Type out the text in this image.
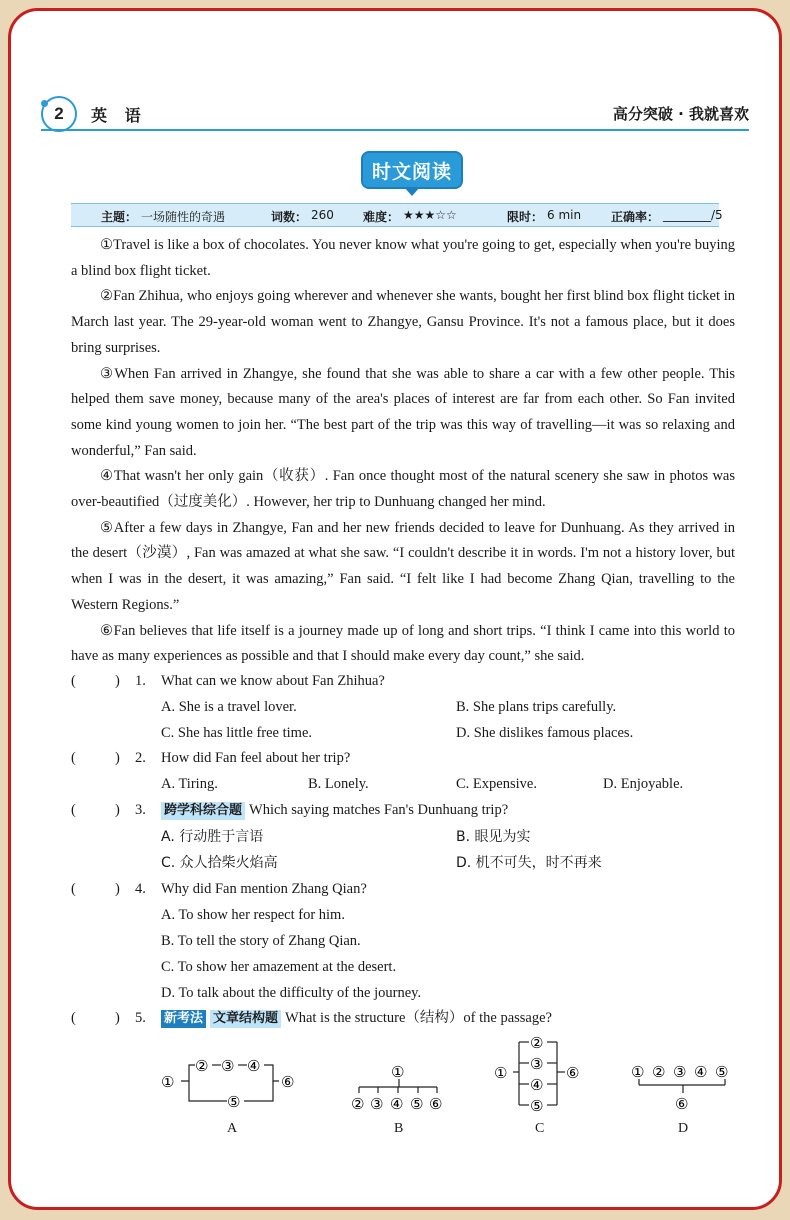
2 英 语	高分突破 · 我就喜欢
时文阅读
主题： 一场随性的奇遇	词数： 260 难度： ★★★☆☆	限时： 6 min 正确率： ________/5

①Travel is like a box of chocolates. You never know what you're going to get, especially when you're buying a blind box flight ticket.

②Fan Zhihua, who enjoys going wherever and whenever she wants, bought her first blind box flight ticket in March last year. The 29-year-old woman went to Zhangye, Gansu Province. It's not a famous place, but it does bring surprises.

③When Fan arrived in Zhangye, she found that she was able to share a car with a few other people. This helped them save money, because many of the area's places of interest are far from each other. So Fan invited some kind young women to join her. “The best part of the trip was this way of travelling—it was so relaxing and wonderful,” Fan said.

④That wasn't her only gain（收获）. Fan once thought most of the natural scenery she saw in photos was over-beautified（过度美化）. However, her trip to Dunhuang changed her mind.

⑤After a few days in Zhangye, Fan and her new friends decided to leave for Dunhuang. As they arrived in the desert（沙漠）, Fan was amazed at what she saw. “I couldn't describe it in words. I'm not a history lover, but when I was in the desert, it was amazing,” Fan said. “I felt like I had become Zhang Qian, travelling to the Western Regions.”

⑥Fan believes that life itself is a journey made up of long and short trips. “I think I came into this world to have as many experiences as possible and that I should make every day count,” she said.

(	) 1. What can we know about Fan Zhihua?
A. She is a travel lover.	B. She plans trips carefully.
C. She has little free time.	D. She dislikes famous places.
(	) 2. How did Fan feel about her trip?
A. Tiring.	B. Lonely.	C. Expensive.	D. Enjoyable.
(	) 3. 跨学科综合题 Which saying matches Fan's Dunhuang trip?
A. 行动胜于言语	B. 眼见为实
C. 众人拾柴火焰高	D. 机不可失，时不再来
(	) 4. Why did Fan mention Zhang Qian?
A. To show her respect for him.
B. To tell the story of Zhang Qian.
C. To show her amazement at the desert.
D. To talk about the difficulty of the journey.
(	) 5. 新考法 文章结构题 What is the structure（结构）of the passage?
①
② ③ ④
⑤
⑥
A
①
② ③ ④ ⑤ ⑥
B
①
②
③
④
⑤
⑥
C
① ② ③ ④ ⑤
⑥
D
